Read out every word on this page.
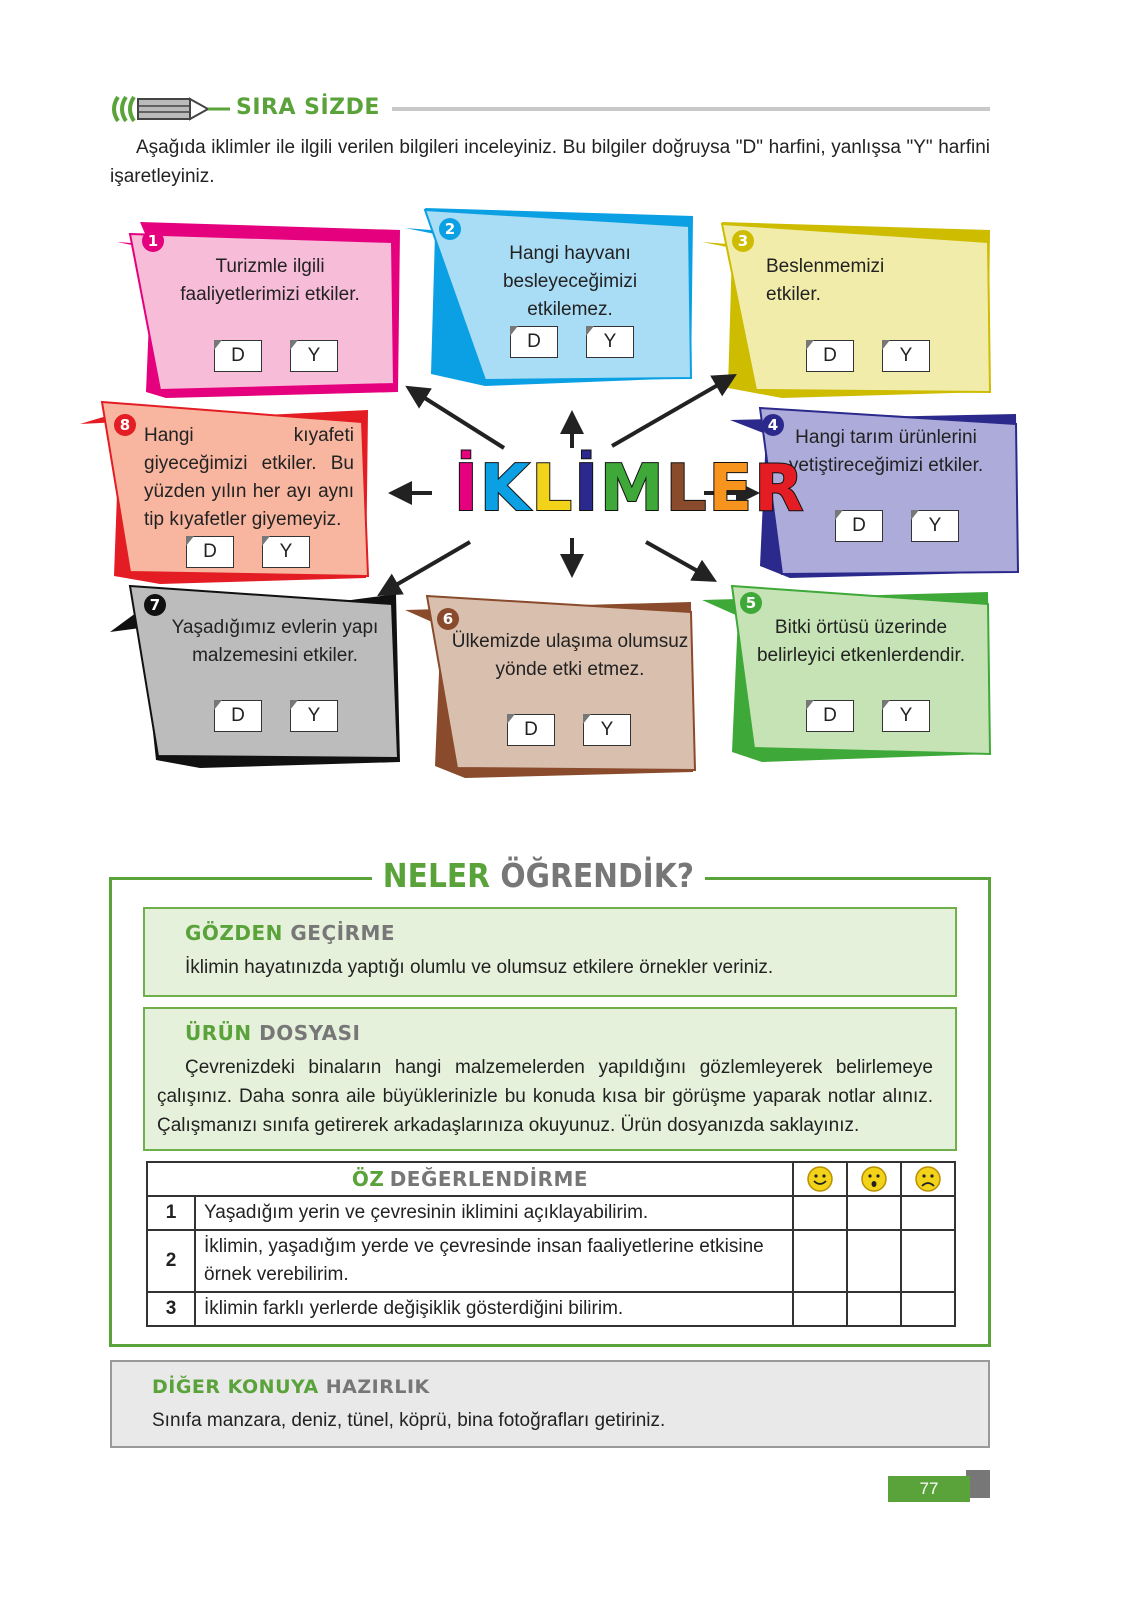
SIRA SİZDE
Aşağıda iklimler ile ilgili verilen bilgileri inceleyiniz. Bu bilgiler doğruysa "D" harfini, yanlışsa "Y" harfini işaretleyiniz.
1
Turizmle ilgili faaliyetlerimizi etkiler.
D	Y
2
Hangi hayvanı besleyeceğimizi etkilemez.
D	Y
3
Beslenmemizi etkiler.
D	Y
4
Hangi tarım ürünlerini yetiştireceğimizi etkiler.
D	Y
5
Bitki örtüsü üzerinde belirleyici etkenlerdendir.
D	Y
6
Ülkemizde ulaşıma olumsuz yönde etki etmez.
D	Y
7
Yaşadığımız evlerin yapı malzemesini etkiler.
D	Y
8 Hangi kıyafeti giyeceğimizi etkiler. Bu yüzden yılın her ayı aynı tip kıyafetler giyemeyiz.
D	Y
İKLİMLER
NELER ÖĞRENDİK?
GÖZDEN GEÇİRME
İklimin hayatınızda yaptığı olumlu ve olumsuz etkilere örnekler veriniz.
ÜRÜN DOSYASI
Çevrenizdeki binaların hangi malzemelerden yapıldığını gözlemleyerek belirlemeye çalışınız. Daha sonra aile büyüklerinizle bu konuda kısa bir görüşme yaparak notlar alınız. Çalışmanızı sınıfa getirerek arkadaşlarınıza okuyunuz. Ürün dosyanızda saklayınız.
ÖZ DEĞERLENDİRME			
1	Yaşadığım yerin ve çevresinin iklimini açıklayabilirim.			
2	İklimin, yaşadığım yerde ve çevresinde insan faaliyetlerine etkisine örnek verebilirim.			
3	İklimin farklı yerlerde değişiklik gösterdiğini bilirim.			
DİĞER KONUYA HAZIRLIK
Sınıfa manzara, deniz, tünel, köprü, bina fotoğrafları getiriniz.
77
